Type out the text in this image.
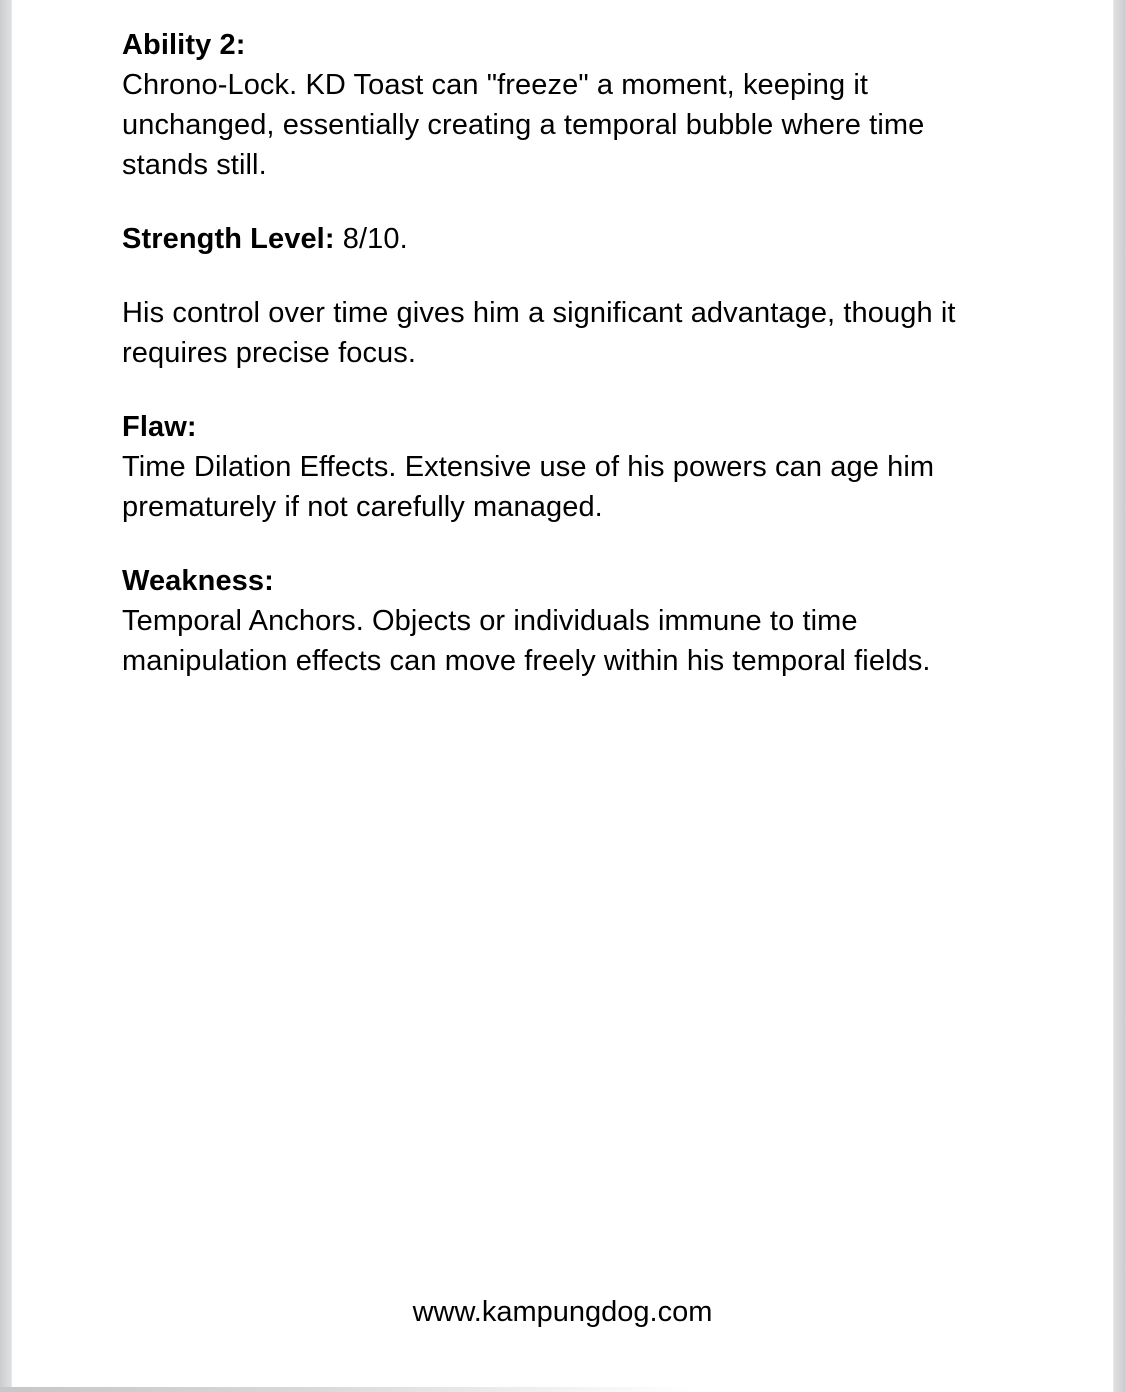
Ability 2:
Chrono-Lock. KD Toast can "freeze" a moment, keeping it unchanged, essentially creating a temporal bubble where time stands still.

Strength Level: 8/10.

His control over time gives him a significant advantage, though it requires precise focus.

Flaw:
Time Dilation Effects. Extensive use of his powers can age him prematurely if not carefully managed.

Weakness:
Temporal Anchors. Objects or individuals immune to time manipulation effects can move freely within his temporal fields.

www.kampungdog.com
